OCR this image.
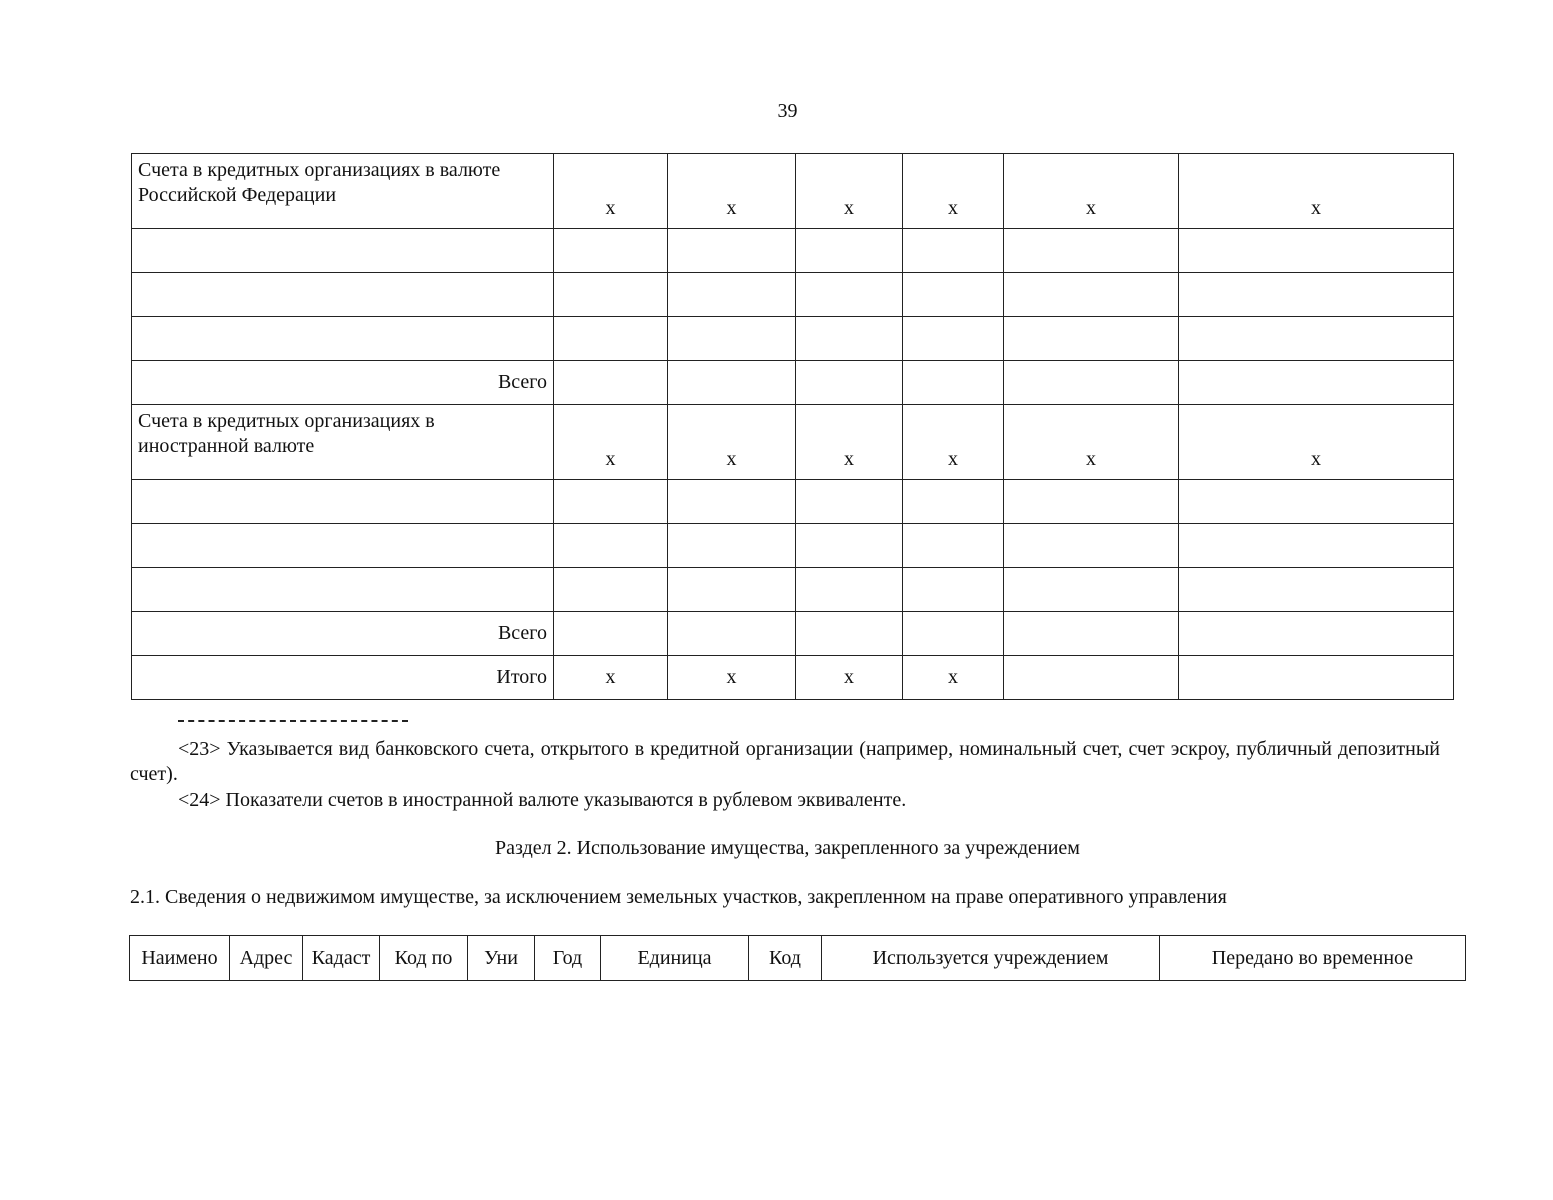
39
Счета в кредитных организациях в валюте Российской Федерации	x	x	x	x	x	x

Всего						
Счета в кредитных организациях в иностранной валюте	x	x	x	x	x	x

Всего						
Итого	x	x	x	x		
<23> Указывается вид банковского счета, открытого в кредитной организации (например, номинальный счет, счет эскроу, публичный депозитный счет).
<24> Показатели счетов в иностранной валюте указываются в рублевом эквиваленте.
Раздел 2. Использование имущества, закрепленного за учреждением
2.1. Сведения о недвижимом имуществе, за исключением земельных участков, закрепленном на праве оперативного управления
Наимено	Адрес	Кадаст	Код по	Уни	Год	Единица	Код	Используется учреждением	Передано во временное
